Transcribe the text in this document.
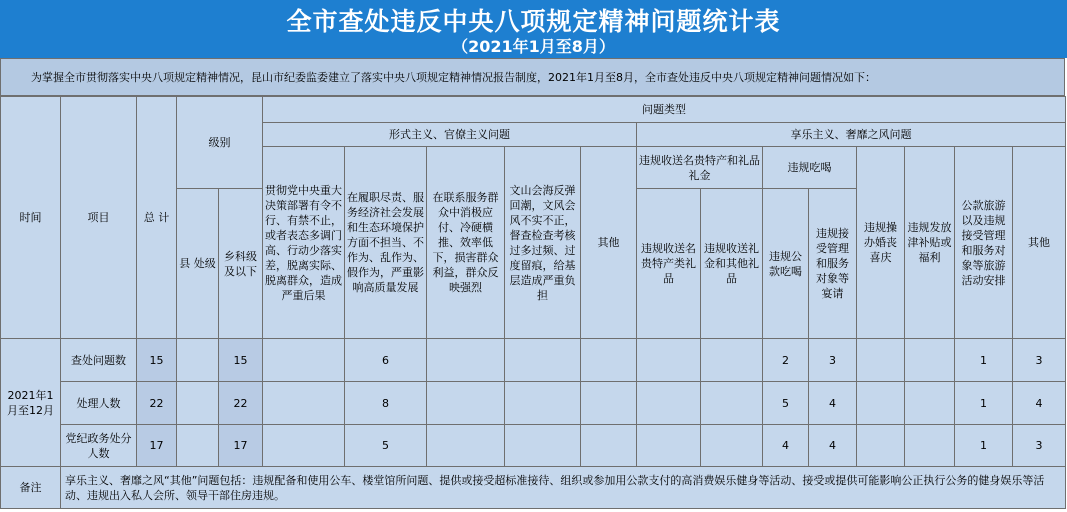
全市查处违反中央八项规定精神问题统计表
（2021年1月至8月）
为掌握全市贯彻落实中央八项规定精神情况，昆山市纪委监委建立了落实中央八项规定精神情况报告制度，2021年1月至8月，全市查处违反中央八项规定精神问题情况如下：
时间	项目	总 计	级别		问题类型												
					形式主义、官僚主义问题					享乐主义、奢靡之风问题							
					贯彻党中央重大决策部署有令不行、有禁不止，或者表态多调门高、行动少落实差，脱离实际、脱离群众，造成严重后果	在履职尽责、服务经济社会发展和生态环境保护方面不担当、不作为、乱作为、假作为，严重影响高质量发展	在联系服务群众中消极应付、冷硬横推、效率低下，损害群众利益，群众反映强烈	文山会海反弹回潮，文风会风不实不正，督查检查考核过多过频、过度留痕，给基层造成严重负担	其他	违规收送名贵特产和礼品礼金		违规吃喝		违规操办婚丧喜庆	违规发放津补贴或福利	公款旅游以及违规接受管理和服务对象等旅游活动安排	其他
			县 处级	乡科级及以下						违规收送名贵特产类礼品	违规收送礼金和其他礼品	违规公款吃喝	违规接受管理和服务对象等宴请				
2021年1月至12月	查处问题数	15		15		6						2	3			1	3
	处理人数	22		22		8						5	4			1	4
	党纪政务处分人数	17		17		5						4	4			1	3
备注	享乐主义、奢靡之风“其他”问题包括：违规配备和使用公车、楼堂馆所问题、提供或接受超标准接待、组织或参加用公款支付的高消费娱乐健身等活动、接受或提供可能影响公正执行公务的健身娱乐等活动、违规出入私人会所、领导干部住房违规。																
